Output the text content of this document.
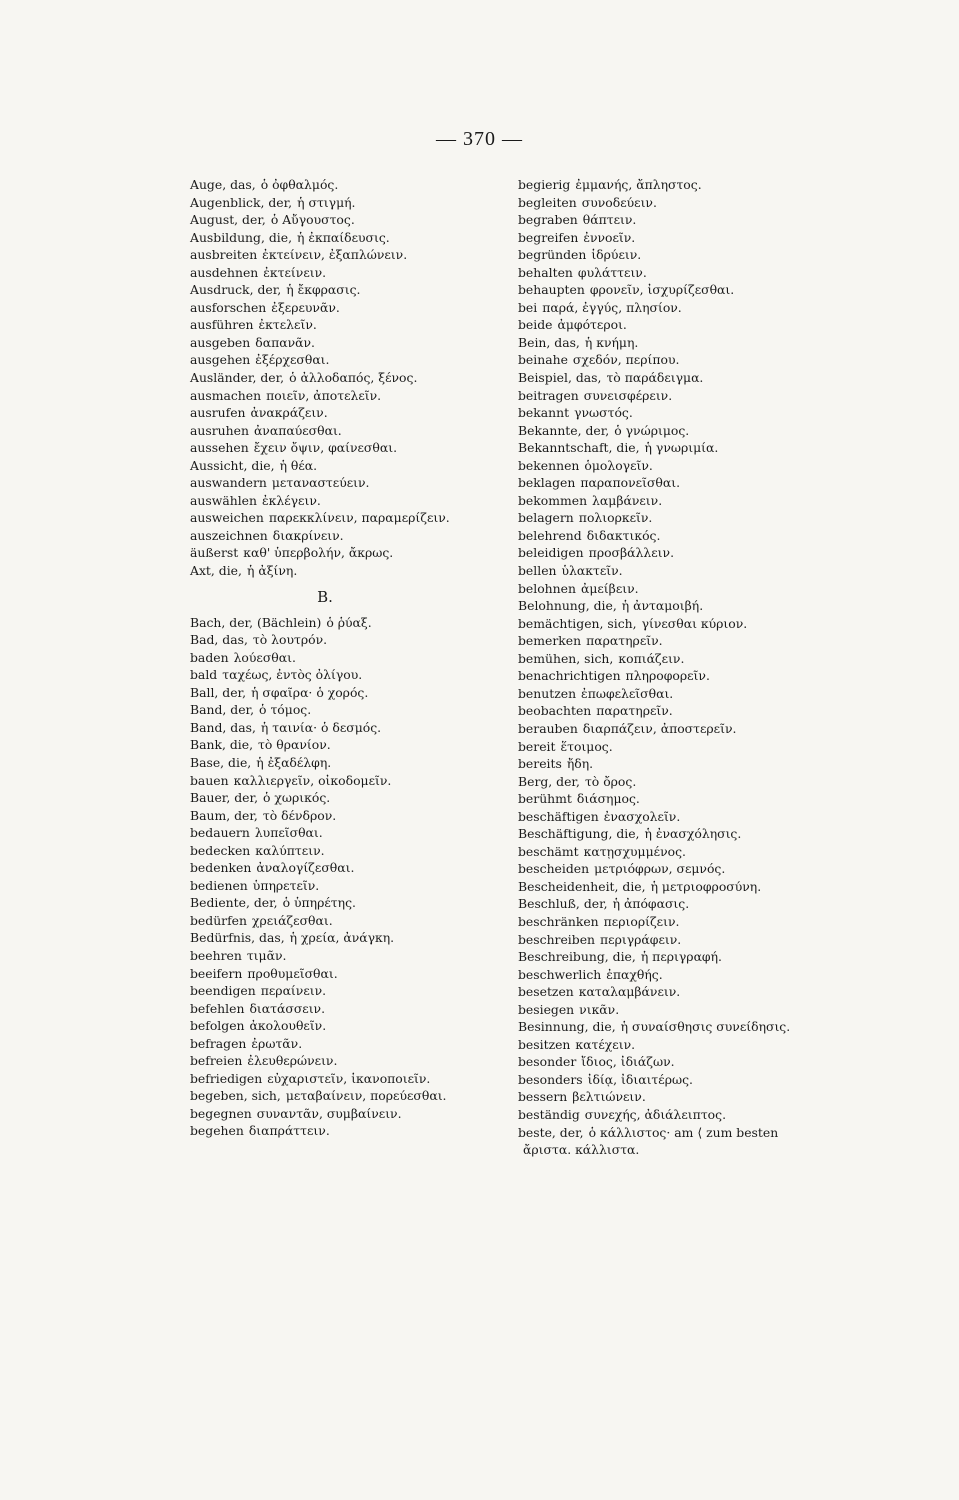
— 370 —
Auge, das, ὁ ὀφθαλμός.
Augenblick, der, ἡ στιγμή.
August, der, ὁ Αὔγουστος.
Ausbildung, die, ἡ ἐκπαίδευσις.
ausbreiten ἐκτείνειν, ἐξαπλώνειν.
ausdehnen ἐκτείνειν.
Ausdruck, der, ἡ ἔκφρασις.
ausforschen ἐξερευνᾶν.
ausführen ἐκτελεῖν.
ausgeben δαπανᾶν.
ausgehen ἐξέρχεσθαι.
Ausländer, der, ὁ ἀλλοδαπός, ξένος.
ausmachen ποιεῖν, ἀποτελεῖν.
ausrufen ἀνακράζειν.
ausruhen ἀναπαύεσθαι.
aussehen ἔχειν ὄψιν, φαίνεσθαι.
Aussicht, die, ἡ θέα.
auswandern μεταναστεύειν.
auswählen ἐκλέγειν.
ausweichen παρεκκλίνειν, παραμερίζειν.
auszeichnen διακρίνειν.
äußerst καθ' ὑπερβολήν, ἄκρως.
Axt, die, ἡ ἀξίνη.
B.
Bach, der, (Bächlein) ὁ ῥύαξ.
Bad, das, τὸ λουτρόν.
baden λούεσθαι.
bald ταχέως, ἐντὸς ὀλίγου.
Ball, der, ἡ σφαῖρα· ὁ χορός.
Band, der, ὁ τόμος.
Band, das, ἡ ταινία· ὁ δεσμός.
Bank, die, τὸ θρανίον.
Base, die, ἡ ἐξαδέλφη.
bauen καλλιεργεῖν, οἰκοδομεῖν.
Bauer, der, ὁ χωρικός.
Baum, der, τὸ δένδρον.
bedauern λυπεῖσθαι.
bedecken καλύπτειν.
bedenken ἀναλογίζεσθαι.
bedienen ὑπηρετεῖν.
Bediente, der, ὁ ὑπηρέτης.
bedürfen χρειάζεσθαι.
Bedürfnis, das, ἡ χρεία, ἀνάγκη.
beehren τιμᾶν.
beeifern προθυμεῖσθαι.
beendigen περαίνειν.
befehlen διατάσσειν.
befolgen ἀκολουθεῖν.
befragen ἐρωτᾶν.
befreien ἐλευθερώνειν.
befriedigen εὐχαριστεῖν, ἱκανοποιεῖν.
begeben, sich, μεταβαίνειν, πορεύεσθαι.
begegnen συναντᾶν, συμβαίνειν.
begehen διαπράττειν.
begierig ἐμμανής, ἄπληστος.
begleiten συνοδεύειν.
begraben θάπτειν.
begreifen ἐννοεῖν.
begründen ἱδρύειν.
behalten φυλάττειν.
behaupten φρονεῖν, ἰσχυρίζεσθαι.
bei παρά, ἐγγύς, πλησίον.
beide ἀμφότεροι.
Bein, das, ἡ κνήμη.
beinahe σχεδόν, περίπου.
Beispiel, das, τὸ παράδειγμα.
beitragen συνεισφέρειν.
bekannt γνωστός.
Bekannte, der, ὁ γνώριμος.
Bekanntschaft, die, ἡ γνωριμία.
bekennen ὁμολογεῖν.
beklagen παραπονεῖσθαι.
bekommen λαμβάνειν.
belagern πολιορκεῖν.
belehrend διδακτικός.
beleidigen προσβάλλειν.
bellen ὑλακτεῖν.
belohnen ἀμείβειν.
Belohnung, die, ἡ ἀνταμοιβή.
bemächtigen, sich, γίνεσθαι κύριον.
bemerken παρατηρεῖν.
bemühen, sich, κοπιάζειν.
benachrichtigen πληροφορεῖν.
benutzen ἐπωφελεῖσθαι.
beobachten παρατηρεῖν.
berauben διαρπάζειν, ἀποστερεῖν.
bereit ἕτοιμος.
bereits ἤδη.
Berg, der, τὸ ὄρος.
berühmt διάσημος.
beschäftigen ἐνασχολεῖν.
Beschäftigung, die, ἡ ἐνασχόλησις.
beschämt κατῃσχυμμένος.
bescheiden μετριόφρων, σεμνός.
Bescheidenheit, die, ἡ μετριοφροσύνη.
Beschluß, der, ἡ ἀπόφασις.
beschränken περιορίζειν.
beschreiben περιγράφειν.
Beschreibung, die, ἡ περιγραφή.
beschwerlich ἐπαχθής.
besetzen καταλαμβάνειν.
besiegen νικᾶν.
Besinnung, die, ἡ συναίσθησις συνείδησις.
besitzen κατέχειν.
besonder ἴδιος, ἰδιάζων.
besonders ἰδίᾳ, ἰδιαιτέρως.
bessern βελτιώνειν.
beständig συνεχής, ἀδιάλειπτος.
beste, der, ὁ κάλλιστος· am ⟨ zum besten
ἄριστα. κάλλιστα.
